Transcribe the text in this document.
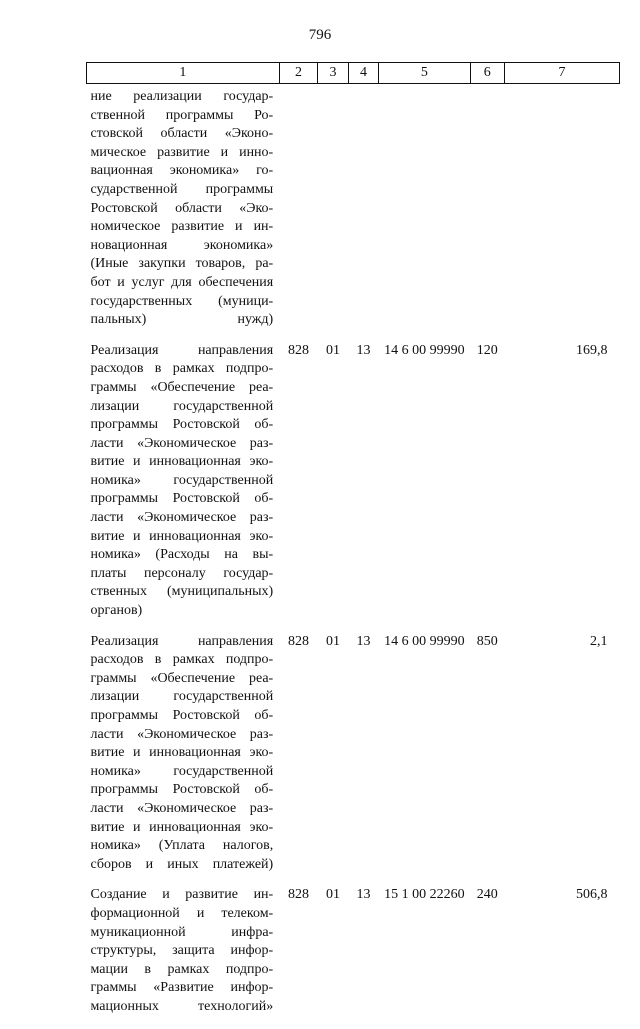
796
1	2	3	4	5	6	7

ние реализации государ-ственной программы Ро-стовской области «Эконо-мическое развитие и инно-вационная экономика» го-сударственной программы Ростовской области «Эко-номическое развитие и ин-новационная экономика» (Иные закупки товаров, ра-бот и услуг для обеспечения государственных (муници-пальных) нужд)						

Реализация направления расходов в рамках подпро-граммы «Обеспечение реа-лизации государственной программы Ростовской об-ласти «Экономическое раз-витие и инновационная эко-номика» государственной программы Ростовской об-ласти «Экономическое раз-витие и инновационная эко-номика» (Расходы на вы-платы персоналу государ-ственных (муниципальных) органов)	828	01	13	14 6 00 99990	120	169,8

Реализация направления расходов в рамках подпро-граммы «Обеспечение реа-лизации государственной программы Ростовской об-ласти «Экономическое раз-витие и инновационная эко-номика» государственной программы Ростовской об-ласти «Экономическое раз-витие и инновационная эко-номика» (Уплата налогов, сборов и иных платежей)	828	01	13	14 6 00 99990	850	2,1

Создание и развитие ин-формационной и телеком-муникационной инфра-структуры, защита инфор-мации в рамках подпро-граммы «Развитие инфор-мационных технологий»	828	01	13	15 1 00 22260	240	506,8
